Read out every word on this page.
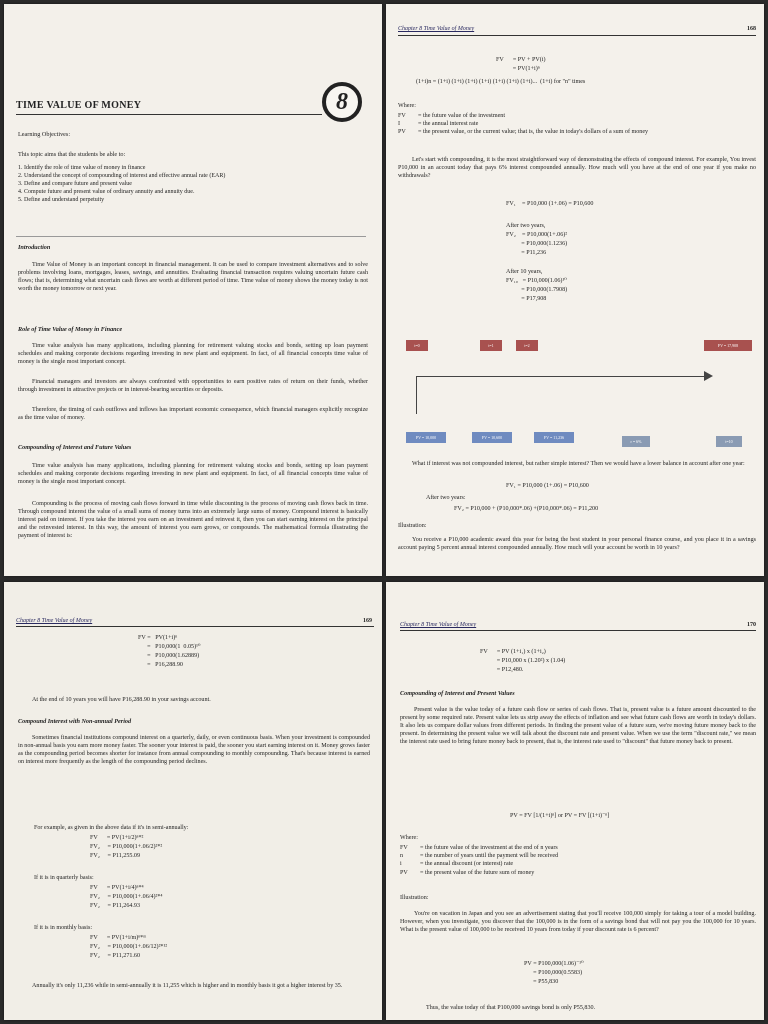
TIME VALUE OF MONEY	8
Learning Objectives:
This topic aims that the students be able to:
1. Identify the role of time value of money in finance
2. Understand the concept of compounding of interest and effective annual rate (EAR)
3. Define and compare future and present value
4. Compute future and present value of ordinary annuity and annuity due.
5. Define and understand perpetuity
Introduction

Time Value of Money is an important concept in financial management. It can be used to compare investment alternatives and to solve problems involving loans, mortgages, leases, savings, and annuities. Evaluating financial transaction requires valuing uncertain future cash flows; that is, determining what uncertain cash flows are worth at different period of time. Time value of money shows the money today is not worth the money tomorrow or next year.

Role of Time Value of Money in Finance

Time value analysis has many applications, including planning for retirement valuing stocks and bonds, setting up loan payment schedules and making corporate decisions regarding investing in new plant and equipment. In fact, of all financial concepts time value of money is the single most important concept.

Financial managers and investors are always confronted with opportunities to earn positive rates of return on their funds, whether through investment in attractive projects or in interest-bearing securities or deposits.

Therefore, the timing of cash outflows and inflows has important economic consequence, which financial managers explicitly recognize as the time value of money.

Compounding of Interest and Future Values

Time value analysis has many applications, including planning for retirement valuing stocks and bonds, setting up loan payment schedules and making corporate decisions regarding investing in new plant and equipment. In fact, of all financial concepts time value of money is the single most important concept.

Compounding is the process of moving cash flows forward in time while discounting is the process of moving cash flows back in time. Through compound interest the value of a small sums of money turns into an extremely large sums of money. Compound interest is basically interest paid on interest. If you take the interest you earn on an investment and reinvest it, then you can start earning interest on the principal and the reinvested interest. In this way, the amount of interest you earn grows, or compounds. The mathematical formula illustrating the payment of interest is:

Chapter 8 Time Value of Money	168
FV      = PV + PV(i)
= PV(1+i)ⁿ
(1+i)n = (1+i) (1+i) (1+i) (1+i) (1+i) (1+i) (1+i)...  (1+i) for "n" times
Where:
FV	= the future value of the investment
I	= the annual interest rate
PV	= the present value, or the current value; that is, the value in today's dollars of a sum of money

Let's start with compounding, it is the most straightforward way of demonstrating the effects of compound interest. For example, You invest P10,000 in an account today that pays 6% interest compounded annually. How much will you have at the end of one year if you make no withdrawals?

FV₁    = P10,000 (1+.06) = P10,600
After two years,
FV₂    = P10,000(1+.06)²
= P10,000(1.1236)
= P11,236
After 10 years,
FV₁₀   = P10,000(1.06)¹⁰
= P10,000(1.7908)
= P17,908
t=0	t=1	t=2	FV = 17,908
PV = 10,000	FV = 10,600	FV = 11,236
r = 6%	t=10

What if interest was not compounded interest, but rather simple interest? Then we would have a lower balance in account after one year:

FV₁ = P10,000 (1+.06) = P10,600
After two years:
FV₂ = P10,000 + (P10,000*.06) +(P10,000*.06) = P11,200
Illustration:

You receive a P10,000 academic award this year for being the best student in your personal finance course, and you place it in a savings account paying 5 percent annual interest compounded annually. How much will your account be worth in 10 years?

Chapter 8 Time Value of Money	169
FV =   PV(1+i)ⁿ
=   P10,000(1  0.05)¹⁰
=   P10,000(1.62889)
=   P16,288.90

At the end of 10 years you will have P16,288.90 in your savings account.

Compound Interest with Non-annual Period

Sometimes financial institutions compound interest on a quarterly, daily, or even continuous basis. When your investment is compounded in non-annual basis you earn more money faster. The sooner your interest is paid, the sooner you start earning interest on it. Money grows faster as the compounding period becomes shorter for instance from annual compounding to monthly compounding. That's because interest is earned on interest more frequently as the length of the compounding period declines.

For example, as given in the above data if it's in semi-annually:
FV      = PV(1+i/2)ⁿ*²
FV₂     = P10,000(1+.06/2)²*²
FV₂     = P11,255.09
If it is in quarterly basis:
FV      = PV(1+i/4)ⁿ*⁴
FV₂     = P10,000(1+.06/4)²*⁴
FV₂     = P11,264.93
If it is in monthly basis:
FV      = PV(1+i/m)ⁿ*ᵐ
FV₂     = P10,000(1+.06/12)²*¹²
FV₂     = P11,271.60

Annually it's only 11,236 while in semi-annually it is 11,255 which is higher and in monthly basis it got a higher interest by 35.

Chapter 8 Time Value of Money	170
FV      = PV (1+i₁) x (1+i₂)
= P10,000 x (1.20²) x (1.04)
= P12,480.
Compounding of Interest and Present Values

Present value is the value today of a future cash flow or series of cash flows. That is, present value is a future amount discounted to the present by some required rate. Present value lets us strip away the effects of inflation and see what future cash flows are worth in today's dollars. It also lets us compare dollar values from different periods. In finding the present value of a future sum, we're moving future money back to the present. In determining the present value we will talk about the discount rate and present value. When we use the term "discount rate," we mean the interest rate used to bring future money back to present, that is, the interest rate used to "discount" that future money back to present.

PV = FV [1/(1+i)ⁿ] or PV = FV [(1+i)⁻ⁿ]
Where:
FV	= the future value of the investment at the end of n years
n	= the number of years until the payment will be received
i	= the annual discount (or interest) rate
PV	= the present value of the future sum of money
Illustration:

You're on vacation in Japan and you see an advertisement stating that you'll receive 100,000 simply for taking a tour of a model building. However, when you investigate, you discover that the 100,000 is in the form of a savings bond that will not pay you the 100,000 for 10 years. What is the present value of 100,000 to be received 10 years from today if your discount rate is 6 percent?

PV = P100,000(1.06)⁻¹⁰
= P100,000(0.5583)
= P55,830

Thus, the value today of that P100,000 savings bond is only P55,830.
